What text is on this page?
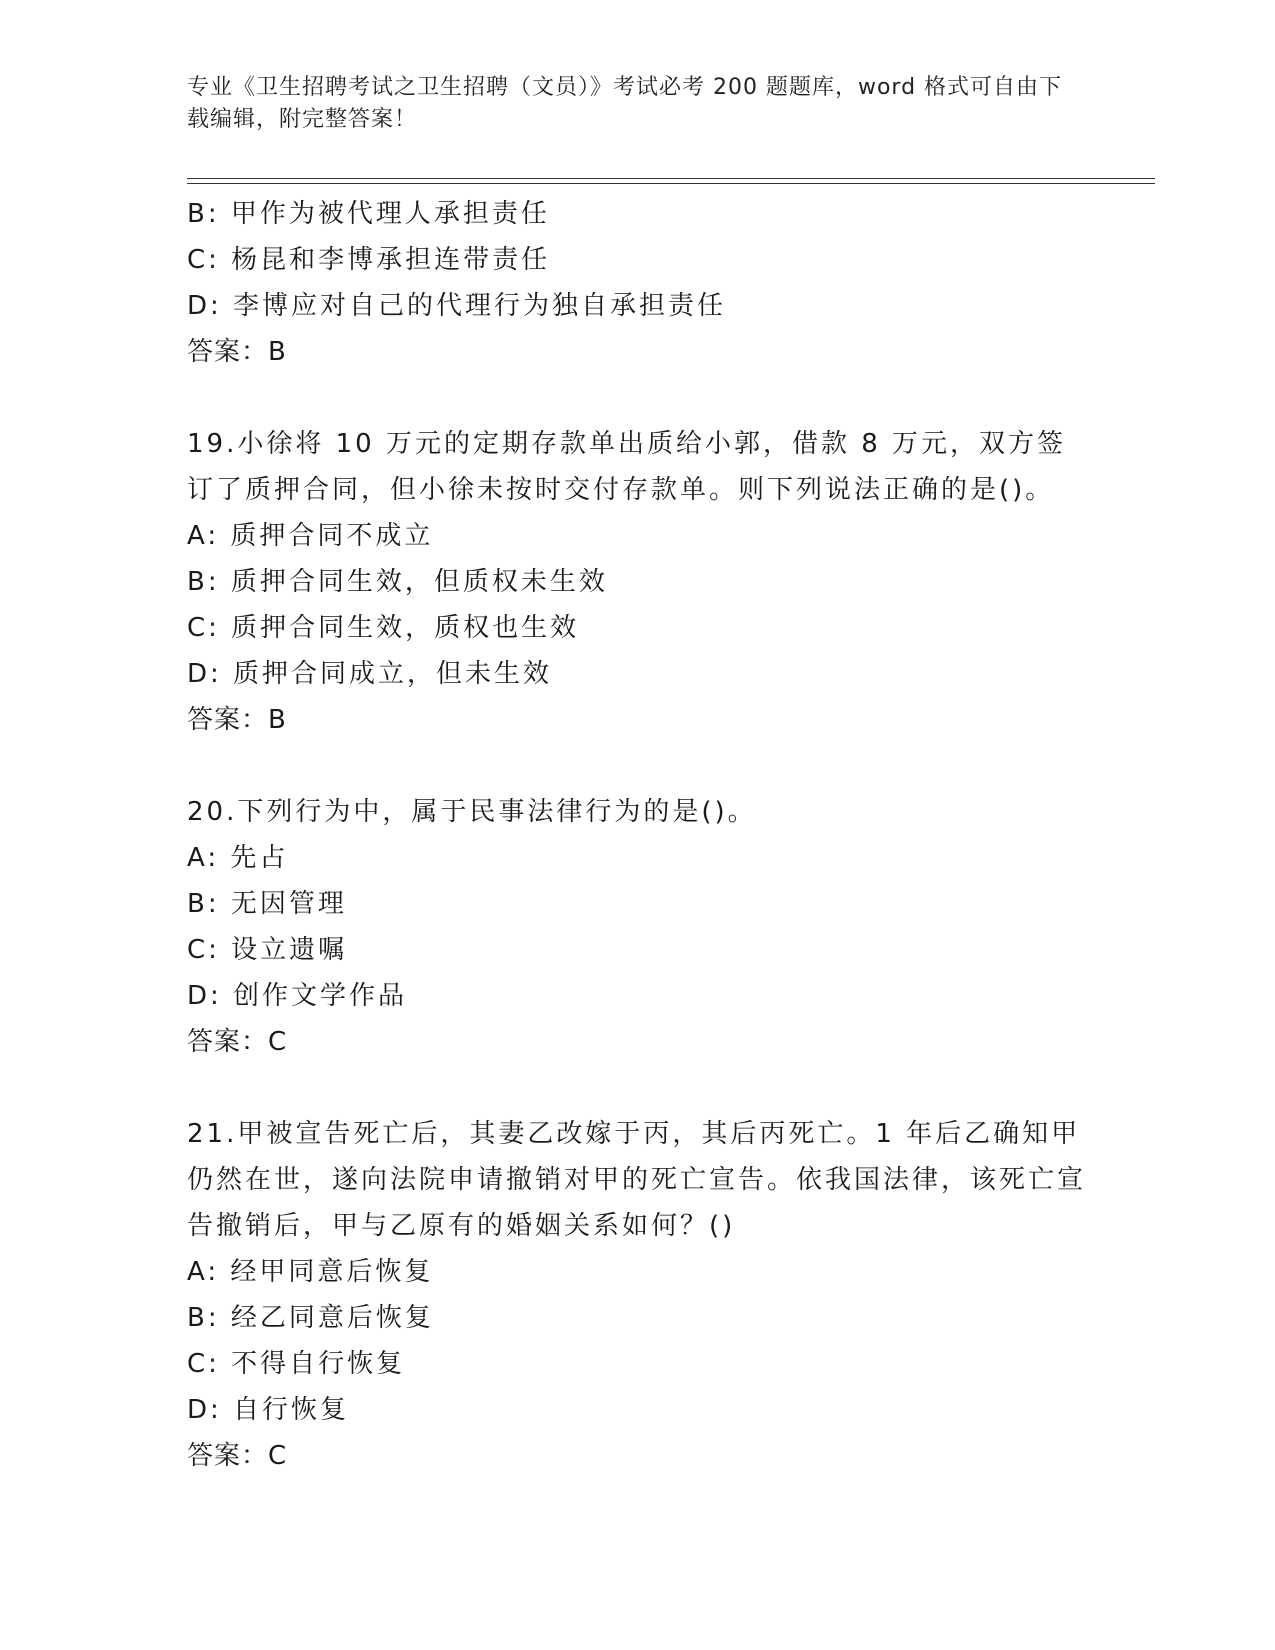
专业《卫生招聘考试之卫生招聘（文员）》考试必考 200 题题库，word 格式可自由下载编辑，附完整答案！
B: 甲作为被代理人承担责任
C: 杨昆和李博承担连带责任
D: 李博应对自己的代理行为独自承担责任
答案：B
19.小徐将 10 万元的定期存款单出质给小郭，借款 8 万元，双方签订了质押合同，但小徐未按时交付存款单。则下列说法正确的是()。
A: 质押合同不成立
B: 质押合同生效，但质权未生效
C: 质押合同生效，质权也生效
D: 质押合同成立，但未生效
答案：B
20.下列行为中，属于民事法律行为的是()。
A: 先占
B: 无因管理
C: 设立遗嘱
D: 创作文学作品
答案：C
21.甲被宣告死亡后，其妻乙改嫁于丙，其后丙死亡。1 年后乙确知甲仍然在世，遂向法院申请撤销对甲的死亡宣告。依我国法律，该死亡宣告撤销后，甲与乙原有的婚姻关系如何？()
A: 经甲同意后恢复
B: 经乙同意后恢复
C: 不得自行恢复
D: 自行恢复
答案：C
